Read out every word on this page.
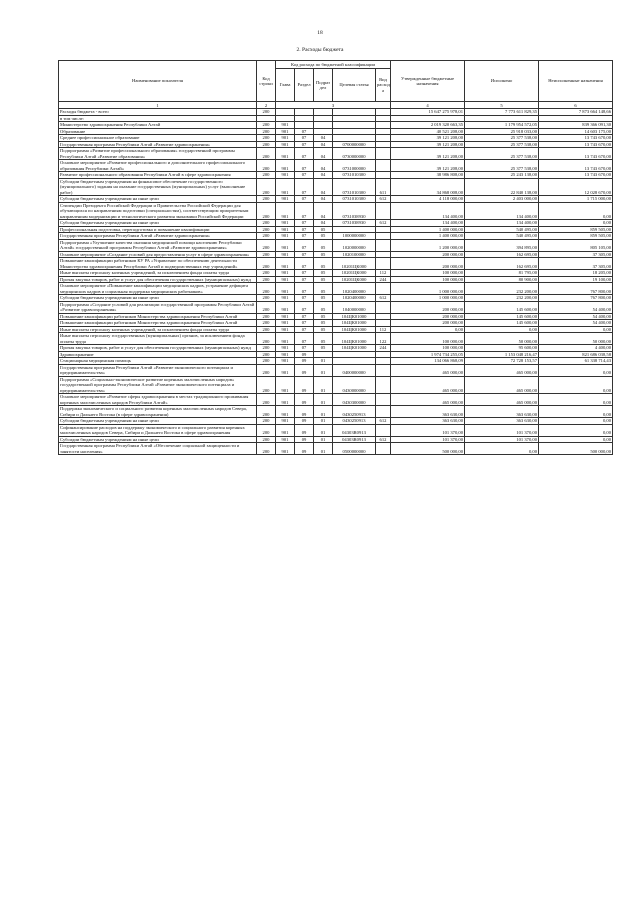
18
2. Расходы бюджета
Наименование показателя	Код строки	Код расхода по бюджетной классификации					Утвержденные бюджетные назначения	Исполнено	Неисполненные назначения
		Глава	Раздел	Подраз дел	Целевая статья	Вид расход а			
1	2	3					4	5	6
Расходы бюджета - всего	200						15 647 275 978,01	7 773 611 829,35	7 873 664 148,66
в том числе:									
Министерство здравоохранения Республики Алтай	200	901					2 019 320 663,35	1 179 954 572,05	839 366 091,30
Образование	200	901	07				40 521 208,00	25 918 033,00	14 603 175,00
Среднее профессиональное образование	200	901	07	04			39 121 208,00	25 377 538,00	13 743 670,00
Государственная программа Республики Алтай «Развитие здравоохранения»	200	901	07	04	0700000000		39 121 208,00	25 377 538,00	13 743 670,00
Подпрограмма «Развитие профессионального образования» государственной программы Республики Алтай «Развитие образования»	200	901	07	04	0730000000		39 121 208,00	25 377 538,00	13 743 670,00
Основное мероприятие «Развитие профессионального и дополнительного профессионального образования Республики Алтай»	200	901	07	04	0731000000		39 121 208,00	25 377 538,00	13 743 670,00
Развитие профессионального образования Республики Алтай в сфере здравоохранения	200	901	07	04	0731010300		38 986 808,00	25 243 138,00	13 743 670,00
Субсидии бюджетным учреждениям на финансовое обеспечение государственного (муниципального) задания на оказание государственных (муниципальных) услуг (выполнение работ)	200	901	07	04	0731010300	611	34 868 008,00	22 840 138,00	12 028 670,00
Субсидии бюджетным учреждениям на иные цели	200	901	07	04	0731010300	612	4 118 000,00	2 403 000,00	1 715 000,00
Стипендии Президента Российской Федерации и Правительства Российской Федерации для обучающихся по направлениям подготовки (специальностям), соответствующим приоритетным направлениям модернизации и технологического развития экономики Российской Федерации	200	901	07	04	0731038930		134 400,00	134 400,00	0,00
Субсидии бюджетным учреждениям на иные цели	200	901	07	04	0731038930	612	134 400,00	134 400,00	0,00
Профессиональная подготовка, переподготовка и повышение квалификации	200	901	07	05			1 400 000,00	540 495,00	859 505,00
Государственная программа Республики Алтай «Развитие здравоохранения»	200	901	07	05	1000000000		1 400 000,00	540 495,00	859 505,00
Подпрограмма «Улучшение качества оказания медицинской помощи населению Республики Алтай» государственной программы Республики Алтай «Развитие здравоохранения»	200	901	07	05	1020000000		1 200 000,00	394 895,00	805 105,00
Основное мероприятие «Создание условий для предоставления услуг в сфере здравоохранения»	200	901	07	05	1020100000		200 000,00	162 695,00	37 305,00
Повышение квалификации работников КУ РА «Управление по обеспечению деятельности Министерства здравоохранения Республики Алтай и подведомственных ему учреждений»	200	901	07	05	10201ЦК000		200 000,00	162 695,00	37 305,00
Иные выплаты персоналу казенных учреждений, за исключением фонда оплаты труда	200	901	07	05	10201ЦК000	112	100 000,00	81 795,00	18 205,00
Прочая закупка товаров, работ и услуг для обеспечения государственных (муниципальных) нужд	200	901	07	05	10201ЦК000	244	100 000,00	80 900,00	19 100,00
Основное мероприятие «Повышение квалификации медицинских кадров, устранение дефицита медицинских кадров и социальная поддержка медицинских работников»	200	901	07	05	1020400000		1 000 000,00	232 200,00	767 800,00
Субсидии бюджетным учреждениям на иные цели	200	901	07	05	1020400000	612	1 000 000,00	232 200,00	767 800,00
Подпрограмма «Создание условий для реализации государственной программы Республики Алтай «Развитие здравоохранения»	200	901	07	05	1040000000		200 000,00	145 600,00	54 400,00
Повышение квалификации работников Министерства здравоохранения Республики Алтай	200	901	07	05	104ЦК01000		200 000,00	145 600,00	54 400,00
Повышение квалификации работников Министерства здравоохранения Республики Алтай	200	901	07	05	104ЦК01000		200 000,00	145 600,00	54 400,00
Иные выплаты персоналу казенных учреждений, за исключением фонда оплаты труда	200	901	07	05	104ЦК01000	112	0,00	0,00	0,00
Иные выплаты персоналу государственных (муниципальных) органов, за исключением фонда оплаты труда	200	901	07	05	104ЦК01000	122	100 000,00	50 000,00	50 000,00
Прочая закупка товаров, работ и услуг для обеспечения государственных (муниципальных) нужд	200	901	07	05	104ЦК01000	244	100 000,00	95 600,00	4 400,00
Здравоохранение	200	901	09				1 974 734 255,05	1 153 048 216,47	821 686 038,58
Стационарная медицинская помощь	200	901	09	01			134 066 868,09	72 728 153,57	61 338 714,43
Государственная программа Республики Алтай «Развитие экономического потенциала и предпринимательства»	200	901	09	01	0400000000		465 000,00	465 000,00	0,00
Подпрограмма «Социально-экономическое развитие коренных малочисленных народов» государственной программы Республики Алтай «Развитие экономического потенциала и предпринимательства»	200	901	09	01	0430000000		465 000,00	465 000,00	0,00
Основное мероприятие «Развитие сферы здравоохранения в местах традиционного проживания коренных малочисленных народов Республики Алтай»	200	901	09	01	0430300000		465 000,00	465 000,00	0,00
Поддержка экономического и социального развития коренных малочисленных народов Севера, Сибири и Дальнего Востока (в сфере здравоохранения)	200	901	09	01	0430250913		363 630,00	363 630,00	0,00
Субсидии бюджетным учреждениям на иные цели	200	901	09	01	0430250913	612	363 630,00	363 630,00	0,00
Софинансирование расходов на поддержку экономического и социального развития коренных малочисленных народов Севера, Сибири и Дальнего Востока в сфере здравоохранения	200	901	09	01	04303R0913		101 370,00	101 370,00	0,00
Субсидии бюджетным учреждениям на иные цели	200	901	09	01	04303R0913	612	101 370,00	101 370,00	0,00
Государственная программа Республики Алтай «Обеспечение социальной защищенности и занятости населения»	200	901	09	01	0500000000		500 000,00	0,00	500 000,00
